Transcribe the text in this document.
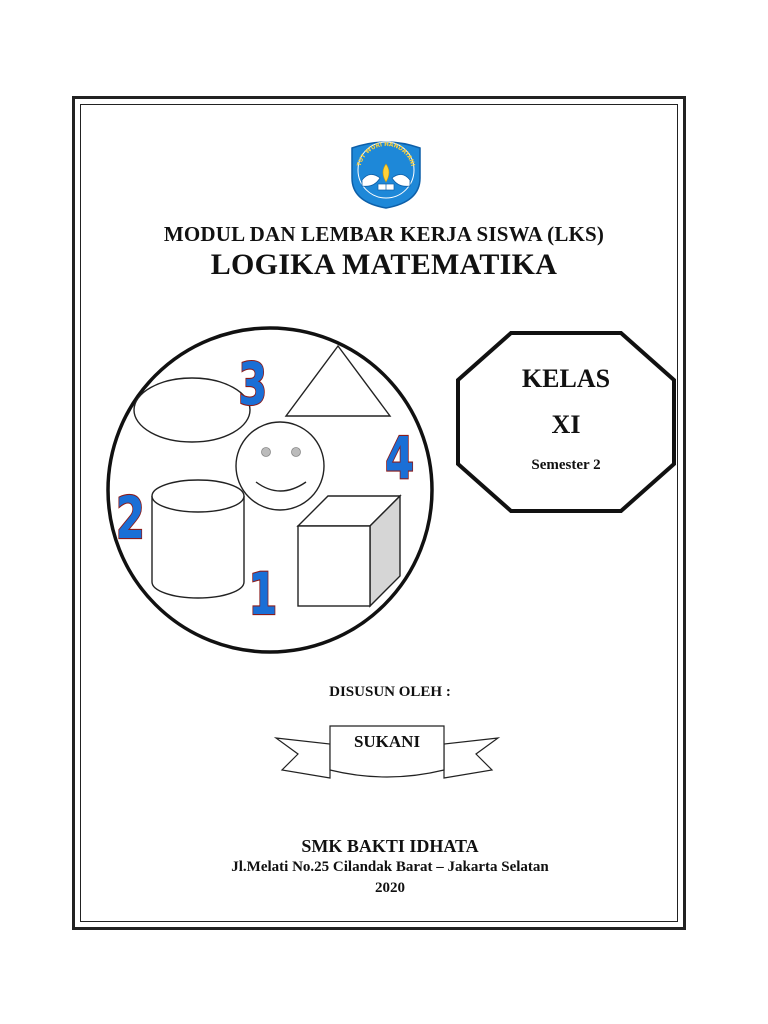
TUT WURI HANDAYANI
MODUL DAN LEMBAR KERJA SISWA (LKS)
LOGIKA MATEMATIKA
3
4
2
1
KELAS
XI
Semester 2
DISUSUN OLEH :
SUKANI
SMK BAKTI IDHATA
Jl.Melati No.25 Cilandak Barat – Jakarta Selatan
2020
